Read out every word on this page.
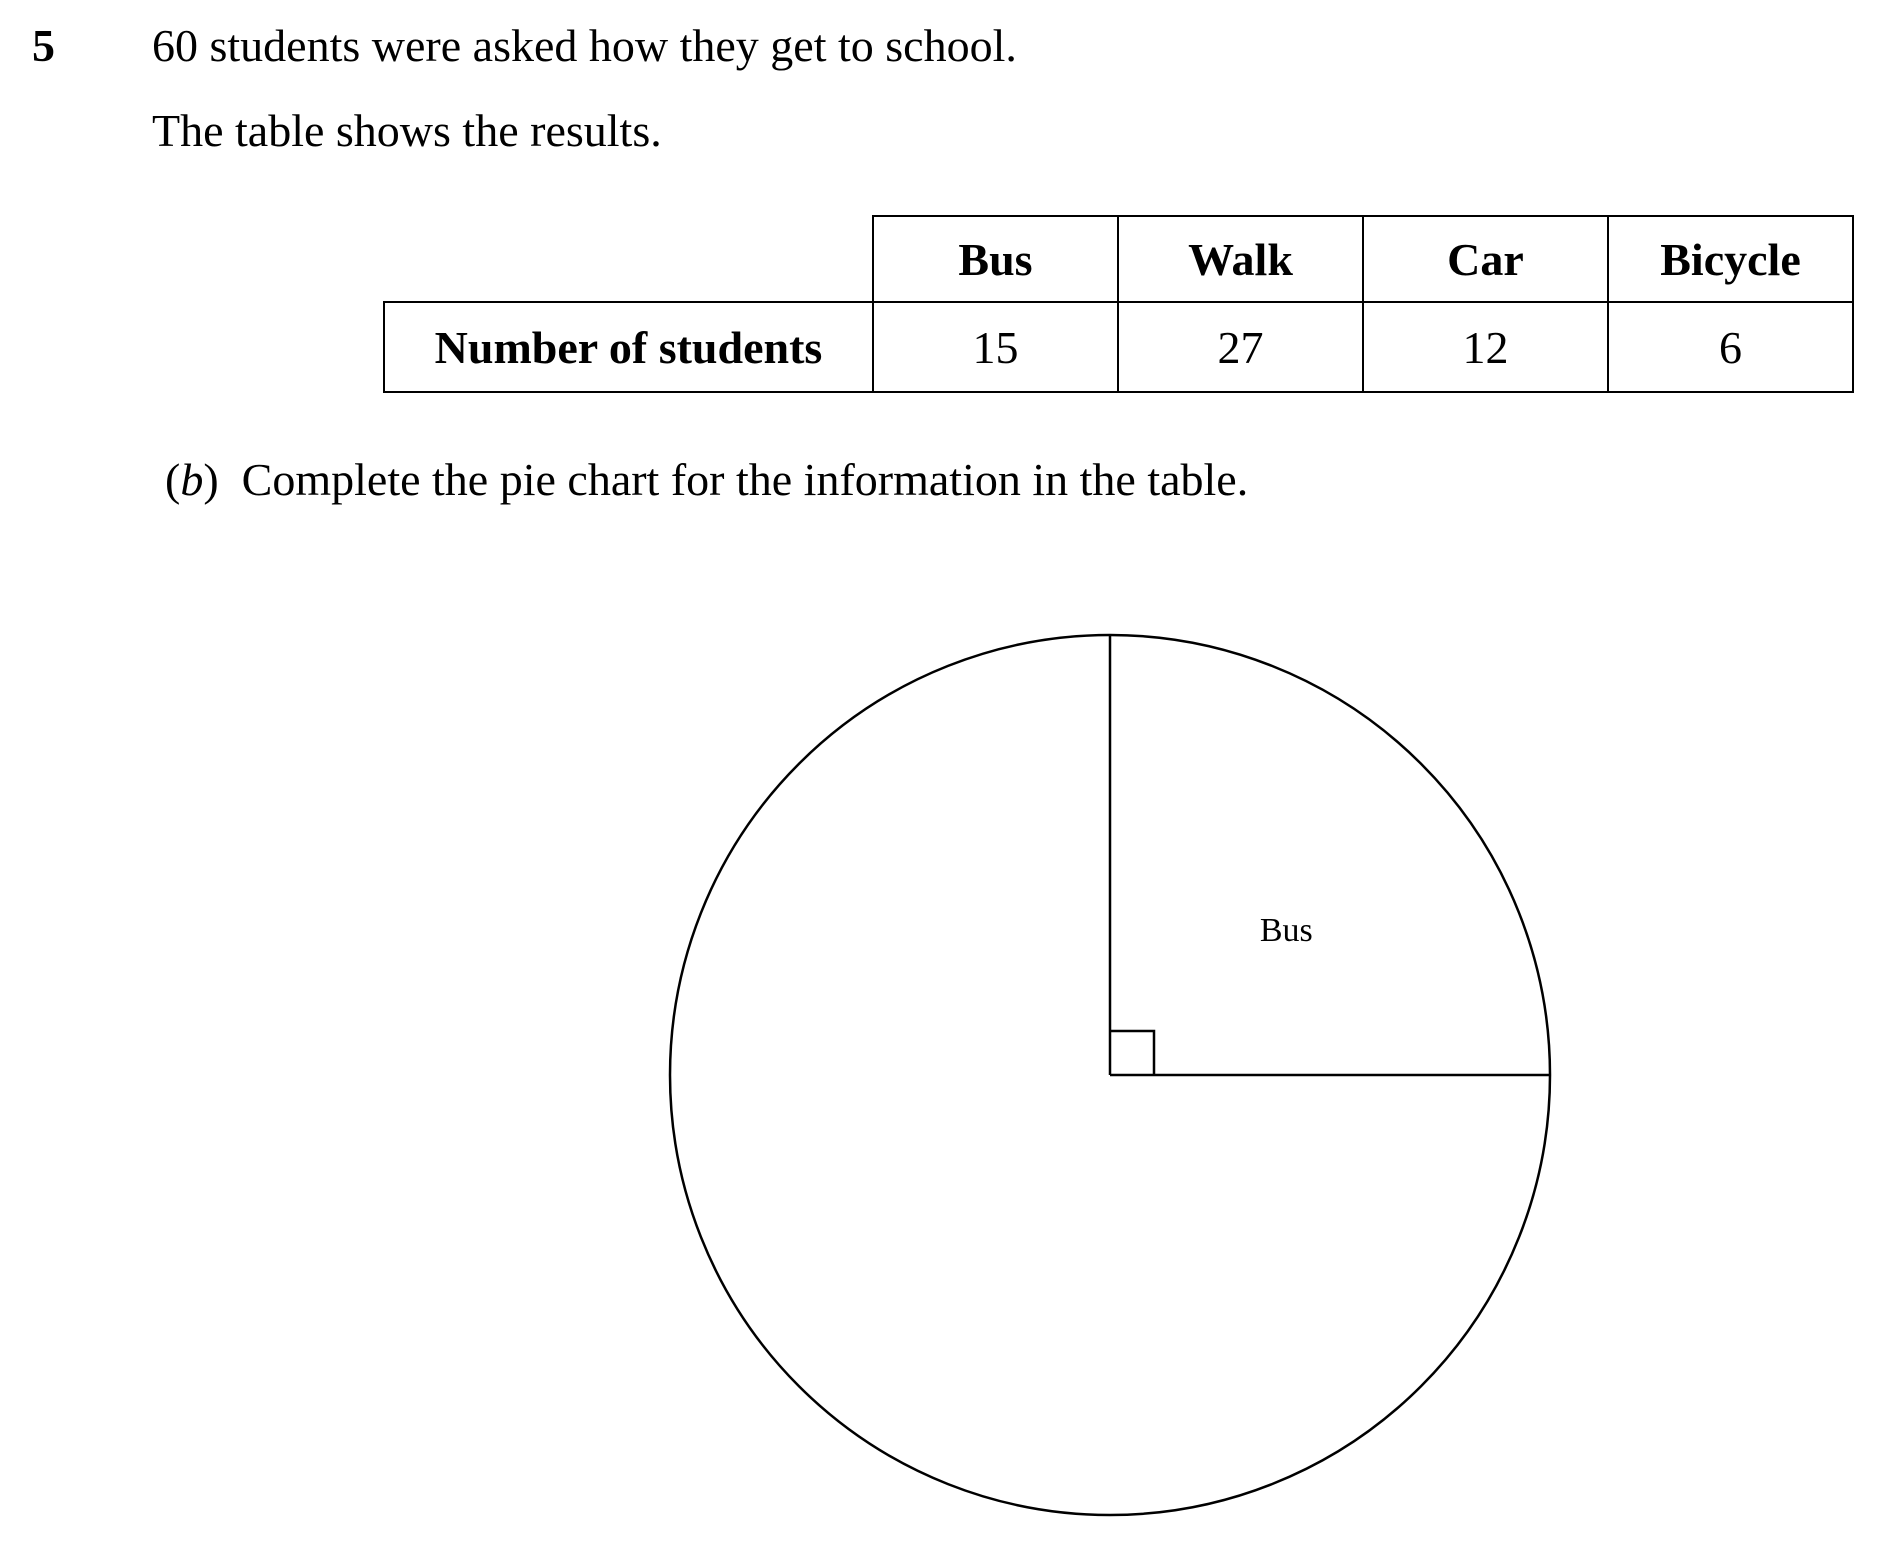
5 60 students were asked how they get to school.
The table shows the results.
	Bus	Walk	Car	Bicycle
Number of students	15	27	12	6
(b)  Complete the pie chart for the information in the table.
Bus
